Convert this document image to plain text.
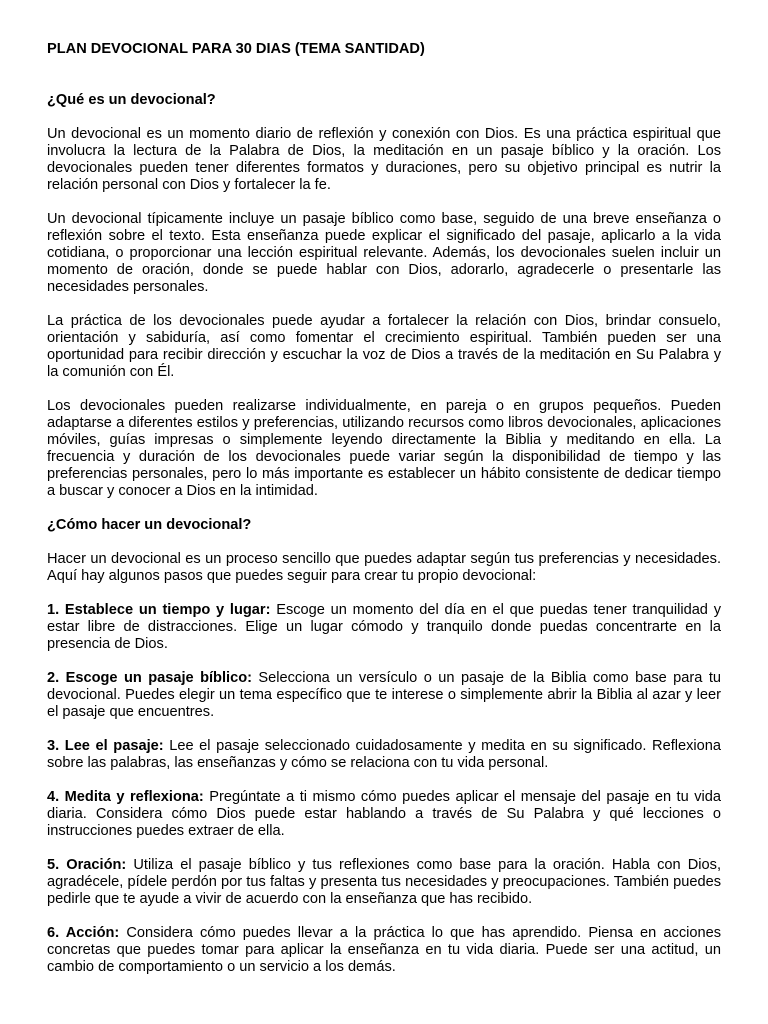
PLAN DEVOCIONAL PARA 30 DIAS (TEMA SANTIDAD)
¿Qué es un devocional?

Un devocional es un momento diario de reflexión y conexión con Dios. Es una práctica espiritual que involucra la lectura de la Palabra de Dios, la meditación en un pasaje bíblico y la oración. Los devocionales pueden tener diferentes formatos y duraciones, pero su objetivo principal es nutrir la relación personal con Dios y fortalecer la fe.

Un devocional típicamente incluye un pasaje bíblico como base, seguido de una breve enseñanza o reflexión sobre el texto. Esta enseñanza puede explicar el significado del pasaje, aplicarlo a la vida cotidiana, o proporcionar una lección espiritual relevante. Además, los devocionales suelen incluir un momento de oración, donde se puede hablar con Dios, adorarlo, agradecerle o presentarle las necesidades personales.

La práctica de los devocionales puede ayudar a fortalecer la relación con Dios, brindar consuelo, orientación y sabiduría, así como fomentar el crecimiento espiritual. También pueden ser una oportunidad para recibir dirección y escuchar la voz de Dios a través de la meditación en Su Palabra y la comunión con Él.

Los devocionales pueden realizarse individualmente, en pareja o en grupos pequeños. Pueden adaptarse a diferentes estilos y preferencias, utilizando recursos como libros devocionales, aplicaciones móviles, guías impresas o simplemente leyendo directamente la Biblia y meditando en ella. La frecuencia y duración de los devocionales puede variar según la disponibilidad de tiempo y las preferencias personales, pero lo más importante es establecer un hábito consistente de dedicar tiempo a buscar y conocer a Dios en la intimidad.

¿Cómo hacer un devocional?

Hacer un devocional es un proceso sencillo que puedes adaptar según tus preferencias y necesidades. Aquí hay algunos pasos que puedes seguir para crear tu propio devocional:

1. Establece un tiempo y lugar: Escoge un momento del día en el que puedas tener tranquilidad y estar libre de distracciones. Elige un lugar cómodo y tranquilo donde puedas concentrarte en la presencia de Dios.

2. Escoge un pasaje bíblico: Selecciona un versículo o un pasaje de la Biblia como base para tu devocional. Puedes elegir un tema específico que te interese o simplemente abrir la Biblia al azar y leer el pasaje que encuentres.

3. Lee el pasaje: Lee el pasaje seleccionado cuidadosamente y medita en su significado. Reflexiona sobre las palabras, las enseñanzas y cómo se relaciona con tu vida personal.

4. Medita y reflexiona: Pregúntate a ti mismo cómo puedes aplicar el mensaje del pasaje en tu vida diaria. Considera cómo Dios puede estar hablando a través de Su Palabra y qué lecciones o instrucciones puedes extraer de ella.

5. Oración: Utiliza el pasaje bíblico y tus reflexiones como base para la oración. Habla con Dios, agradécele, pídele perdón por tus faltas y presenta tus necesidades y preocupaciones. También puedes pedirle que te ayude a vivir de acuerdo con la enseñanza que has recibido.

6. Acción: Considera cómo puedes llevar a la práctica lo que has aprendido. Piensa en acciones concretas que puedes tomar para aplicar la enseñanza en tu vida diaria. Puede ser una actitud, un cambio de comportamiento o un servicio a los demás.
